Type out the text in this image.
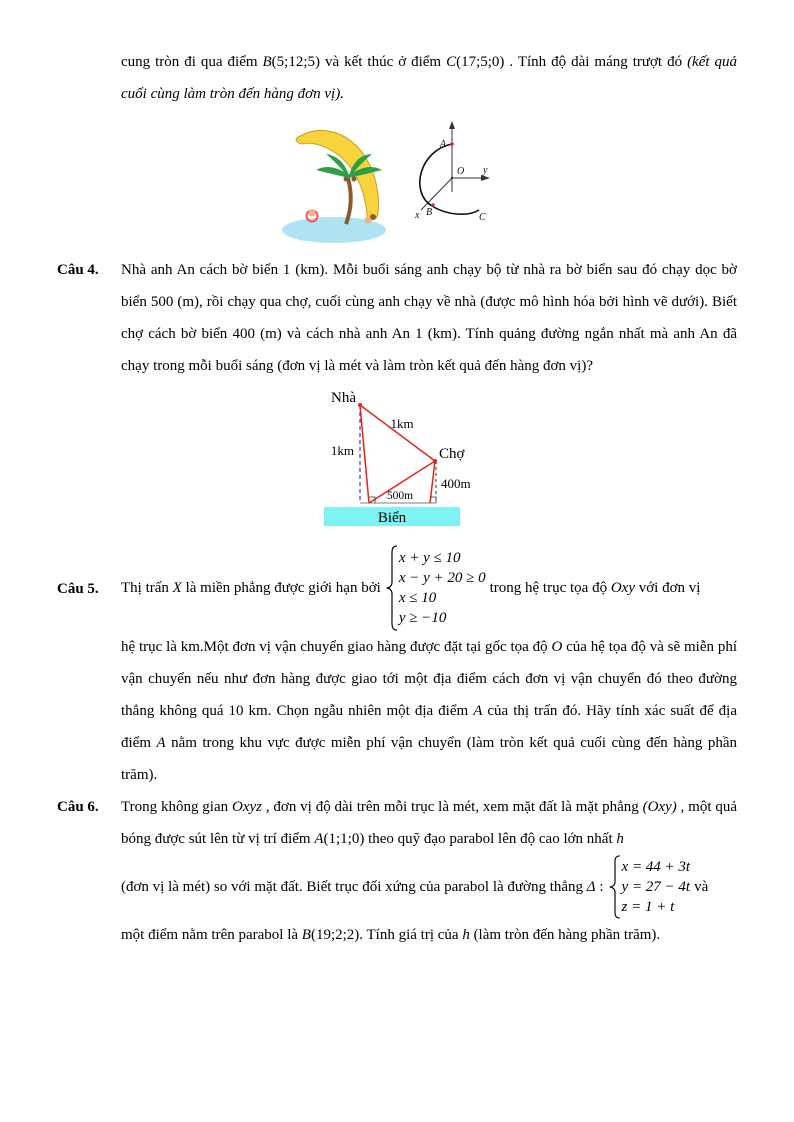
cung tròn đi qua điểm B(5;12;5) và kết thúc ở điểm C(17;5;0) . Tính độ dài máng trượt đó (kết quả cuối cùng làm tròn đến hàng đơn vị).
A
O y
x B	C
Câu 4.	Nhà anh An cách bờ biển 1 (km). Mỗi buổi sáng anh chạy bộ từ nhà ra bờ biển sau đó chạy dọc bờ biển 500 (m), rồi chạy qua chợ, cuối cùng anh chạy về nhà (được mô hình hóa bởi hình vẽ dưới). Biết chợ cách bờ biển 400 (m) và cách nhà anh An 1 (km). Tính quảng đường ngắn nhất mà anh An đã chạy trong mỗi buổi sáng (đơn vị là mét và làm tròn kết quả đến hàng đơn vị)?
Nhà
Chợ
Biển
1km
1km
400m
500m
Câu 5.	Thị trấn X là miền phẳng được giới hạn bởi
x + y ≤ 10
x − y + 20 ≥ 0
x ≤ 10
y ≥ −10
trong hệ trục tọa độ Oxy với đơn vị
hệ trục là km.Một đơn vị vận chuyển giao hàng được đặt tại gốc tọa độ O của hệ tọa độ và sẽ miễn phí vận chuyển nếu như đơn hàng được giao tới một địa điểm cách đơn vị vận chuyển đó theo đường thẳng không quá 10 km. Chọn ngẫu nhiên một địa điểm A của thị trấn đó. Hãy tính xác suất để địa điểm A nằm trong khu vực được miễn phí vận chuyển (làm tròn kết quả cuối cùng đến hàng phần trăm).
Câu 6.	Trong không gian Oxyz , đơn vị độ dài trên mỗi trục là mét, xem mặt đất là mặt phẳng (Oxy) , một quả bóng được sút lên từ vị trí điểm A(1;1;0) theo quỹ đạo parabol lên độ cao lớn nhất h
(đơn vị là mét) so với mặt đất. Biết trục đối xứng của parabol là đường thẳng Δ :
x = 44 + 3t
y = 27 − 4t
z = 1 + t
và
một điểm nằm trên parabol là B(19;2;2). Tính giá trị của h (làm tròn đến hàng phần trăm).
